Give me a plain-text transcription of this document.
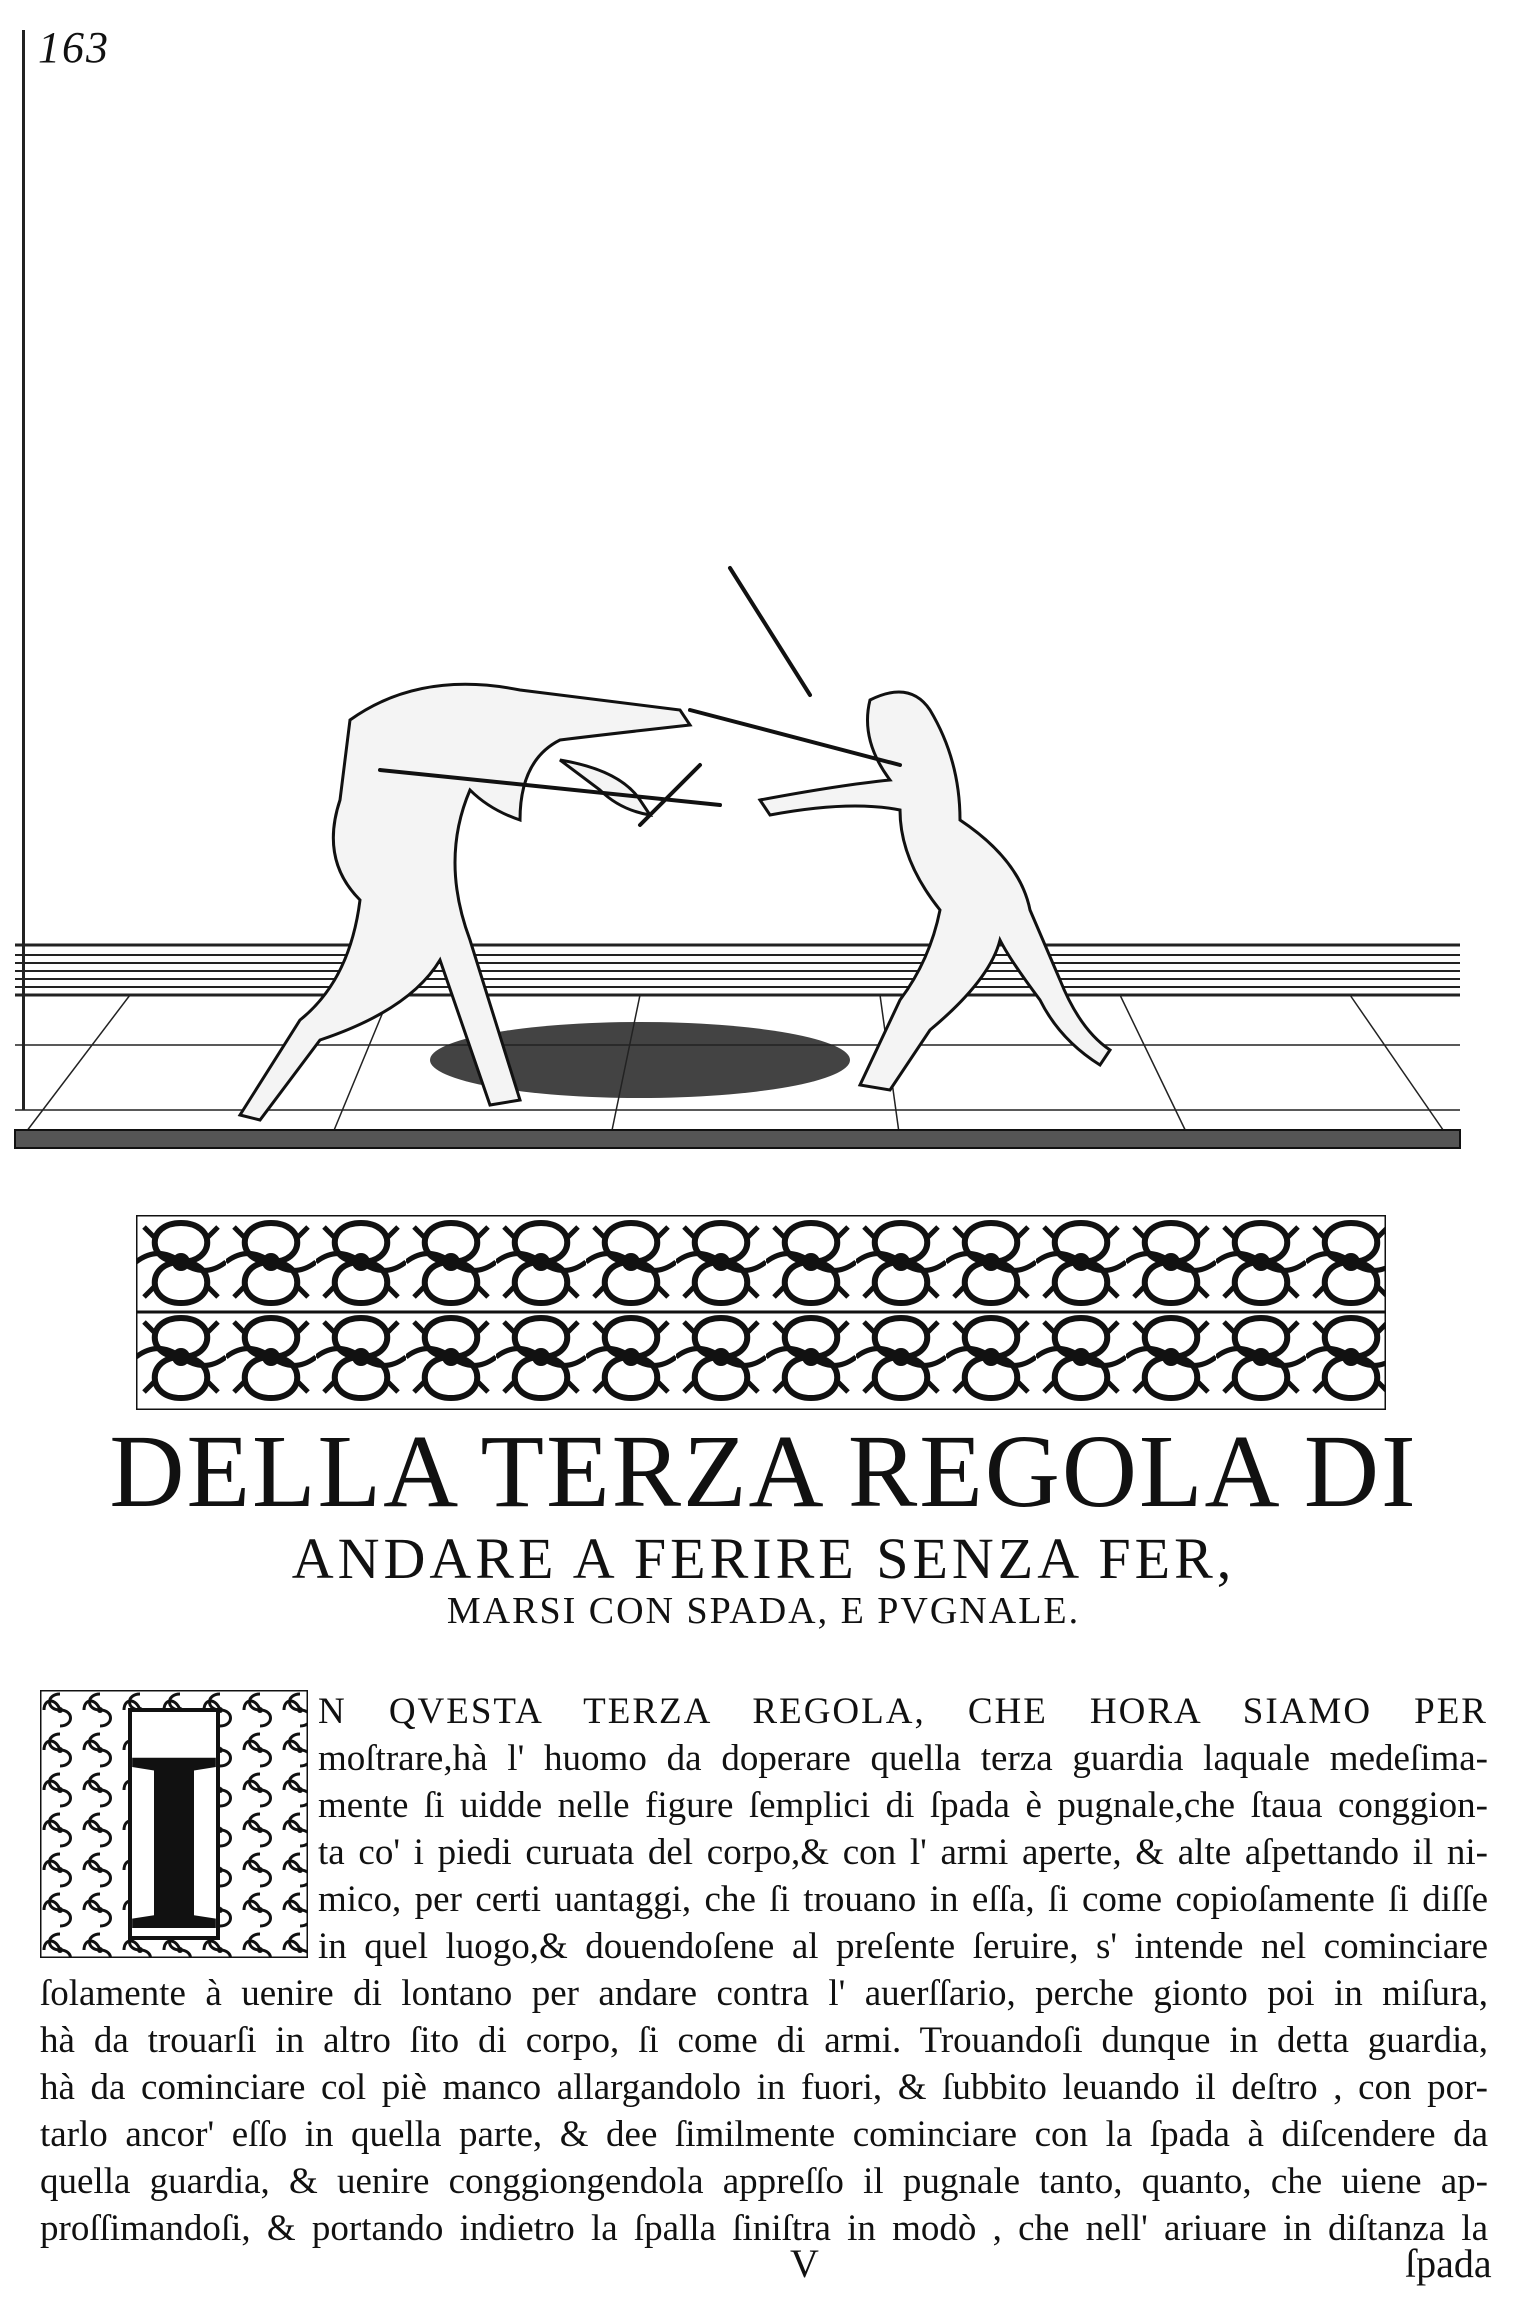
163
DELLA TERZA REGOLA DI
ANDARE A FERIRE SENZA FER,
MARSI CON SPADA, E PVGNALE.
I	N QVESTA TERZA REGOLA, CHE HORA SIAMO PER
moſtrare,hà l' huomo da doperare quella terza guardia laquale medeſima-
mente ſi uidde nelle figure ſemplici di ſpada è pugnale,che ſtaua conggion-
ta co' i piedi curuata del corpo,& con l' armi aperte, & alte aſpettando il ni-
mico, per certi uantaggi, che ſi trouano in eſſa, ſi come copioſamente ſi diſſe
in quel luogo,& douendoſene al preſente ſeruire, s' intende nel cominciare
ſolamente à uenire di lontano per andare contra l' auerſſario, perche gionto poi in miſura,
hà da trouarſi in altro ſito di corpo, ſi come di armi. Trouandoſi dunque in detta guardia,
hà da cominciare col piè manco allargandolo in fuori, & ſubbito leuando il deſtro , con por-
tarlo ancor' eſſo in quella parte, & dee ſimilmente cominciare con la ſpada à diſcendere da
quella guardia, & uenire conggiongendola appreſſo il pugnale tanto, quanto, che uiene ap-
proſſimandoſi, & portando indietro la ſpalla ſiniſtra in modò , che nell' ariuare in diſtanza la
V	ſpada
